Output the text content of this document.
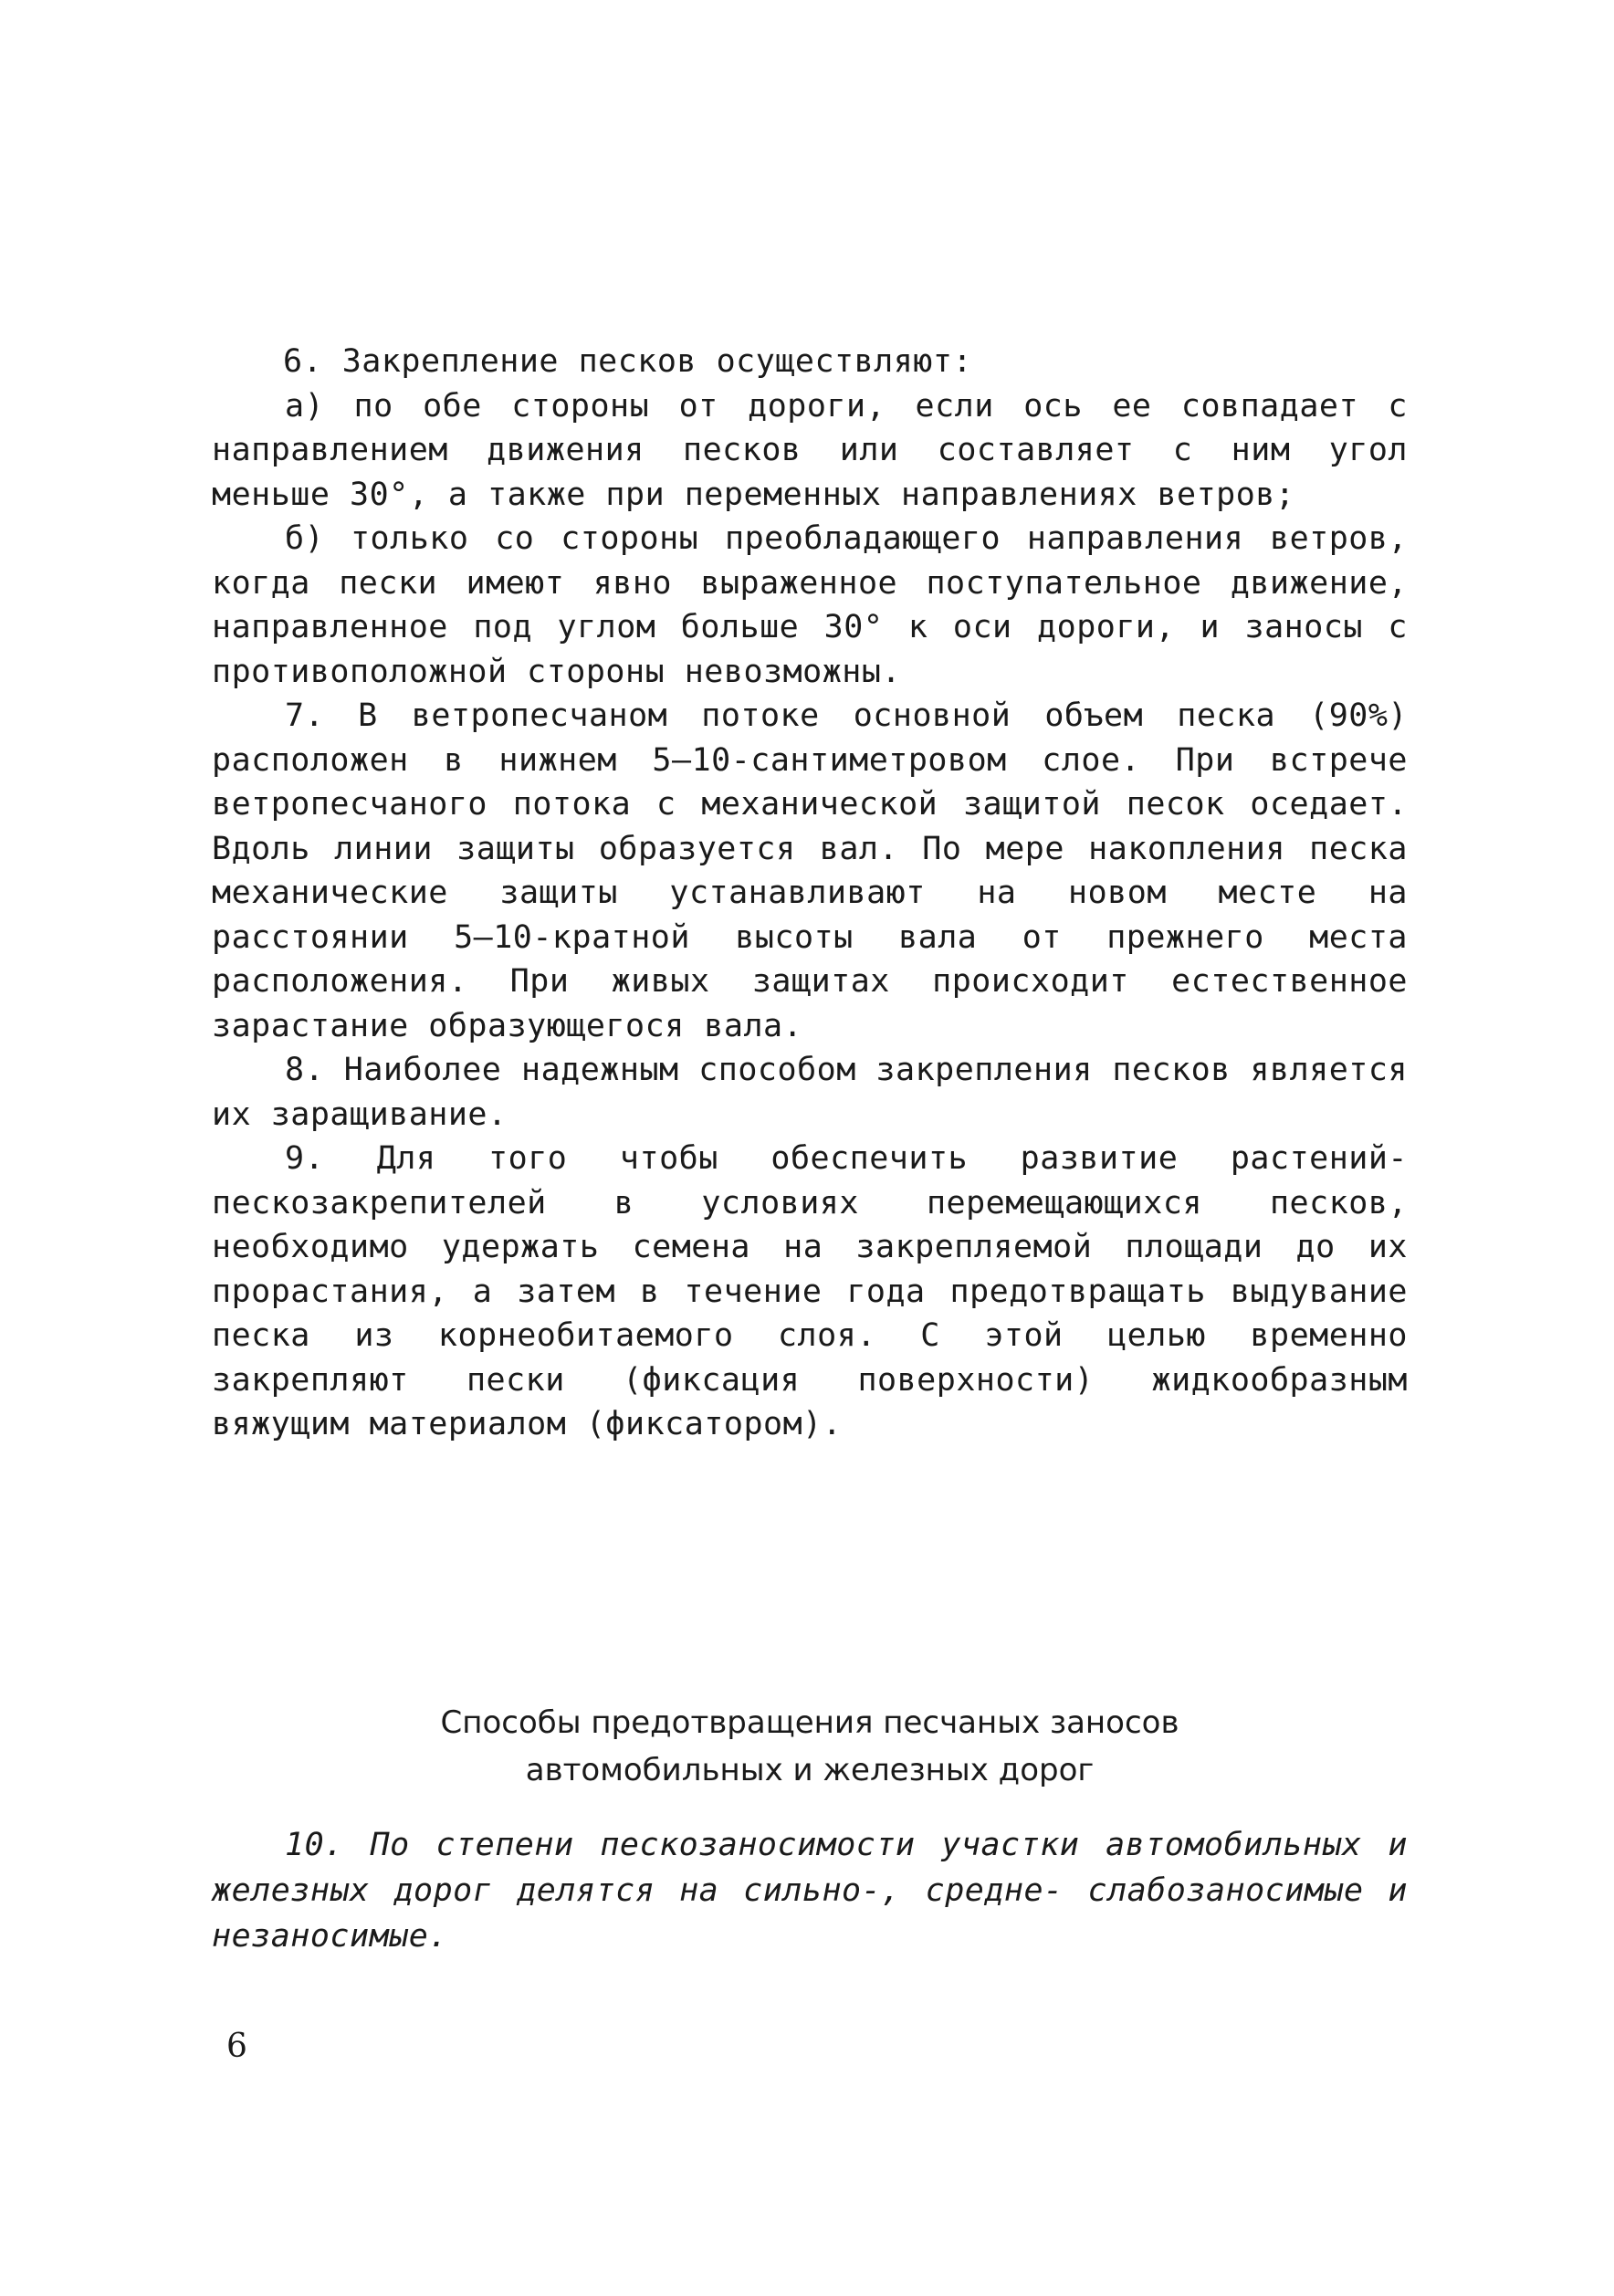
6. Закрепление песков осуществляют:

а) по обе стороны от дороги, если ось ее совпадает с направлением движения песков или составляет с ним угол меньше 30°, а также при переменных направлениях ветров;

б) только со стороны преобладающего направления ветров, когда пески имеют явно выраженное поступательное движение, направленное под углом больше 30° к оси дороги, и заносы с противоположной стороны невозможны.

7. В ветропесчаном потоке основной объем песка (90%) расположен в нижнем 5–10-сантиметровом слое. При встрече ветропесчаного потока с механической защитой песок оседает. Вдоль линии защиты образуется вал. По мере накопления песка механические защиты устанавливают на новом месте на расстоянии 5–10-кратной высоты вала от прежнего места расположения. При живых защитах происходит естественное зарастание образующегося вала.

8. Наиболее надежным способом закрепления песков является их заращивание.

9. Для того чтобы обеспечить развитие растений-пескозакрепителей в условиях перемещающихся песков, необходимо удержать семена на закрепляемой площади до их прорастания, а затем в течение года предотвращать выдувание песка из корнеобитаемого слоя. С этой целью временно закрепляют пески (фиксация поверхности) жидкообразным вяжущим материалом (фиксатором).

Способы предотвращения песчаных заносов
автомобильных и железных дорог

10. По степени пескозаносимости участки автомобильных и железных дорог делятся на сильно-, средне- слабозаносимые и незаносимые.

6
